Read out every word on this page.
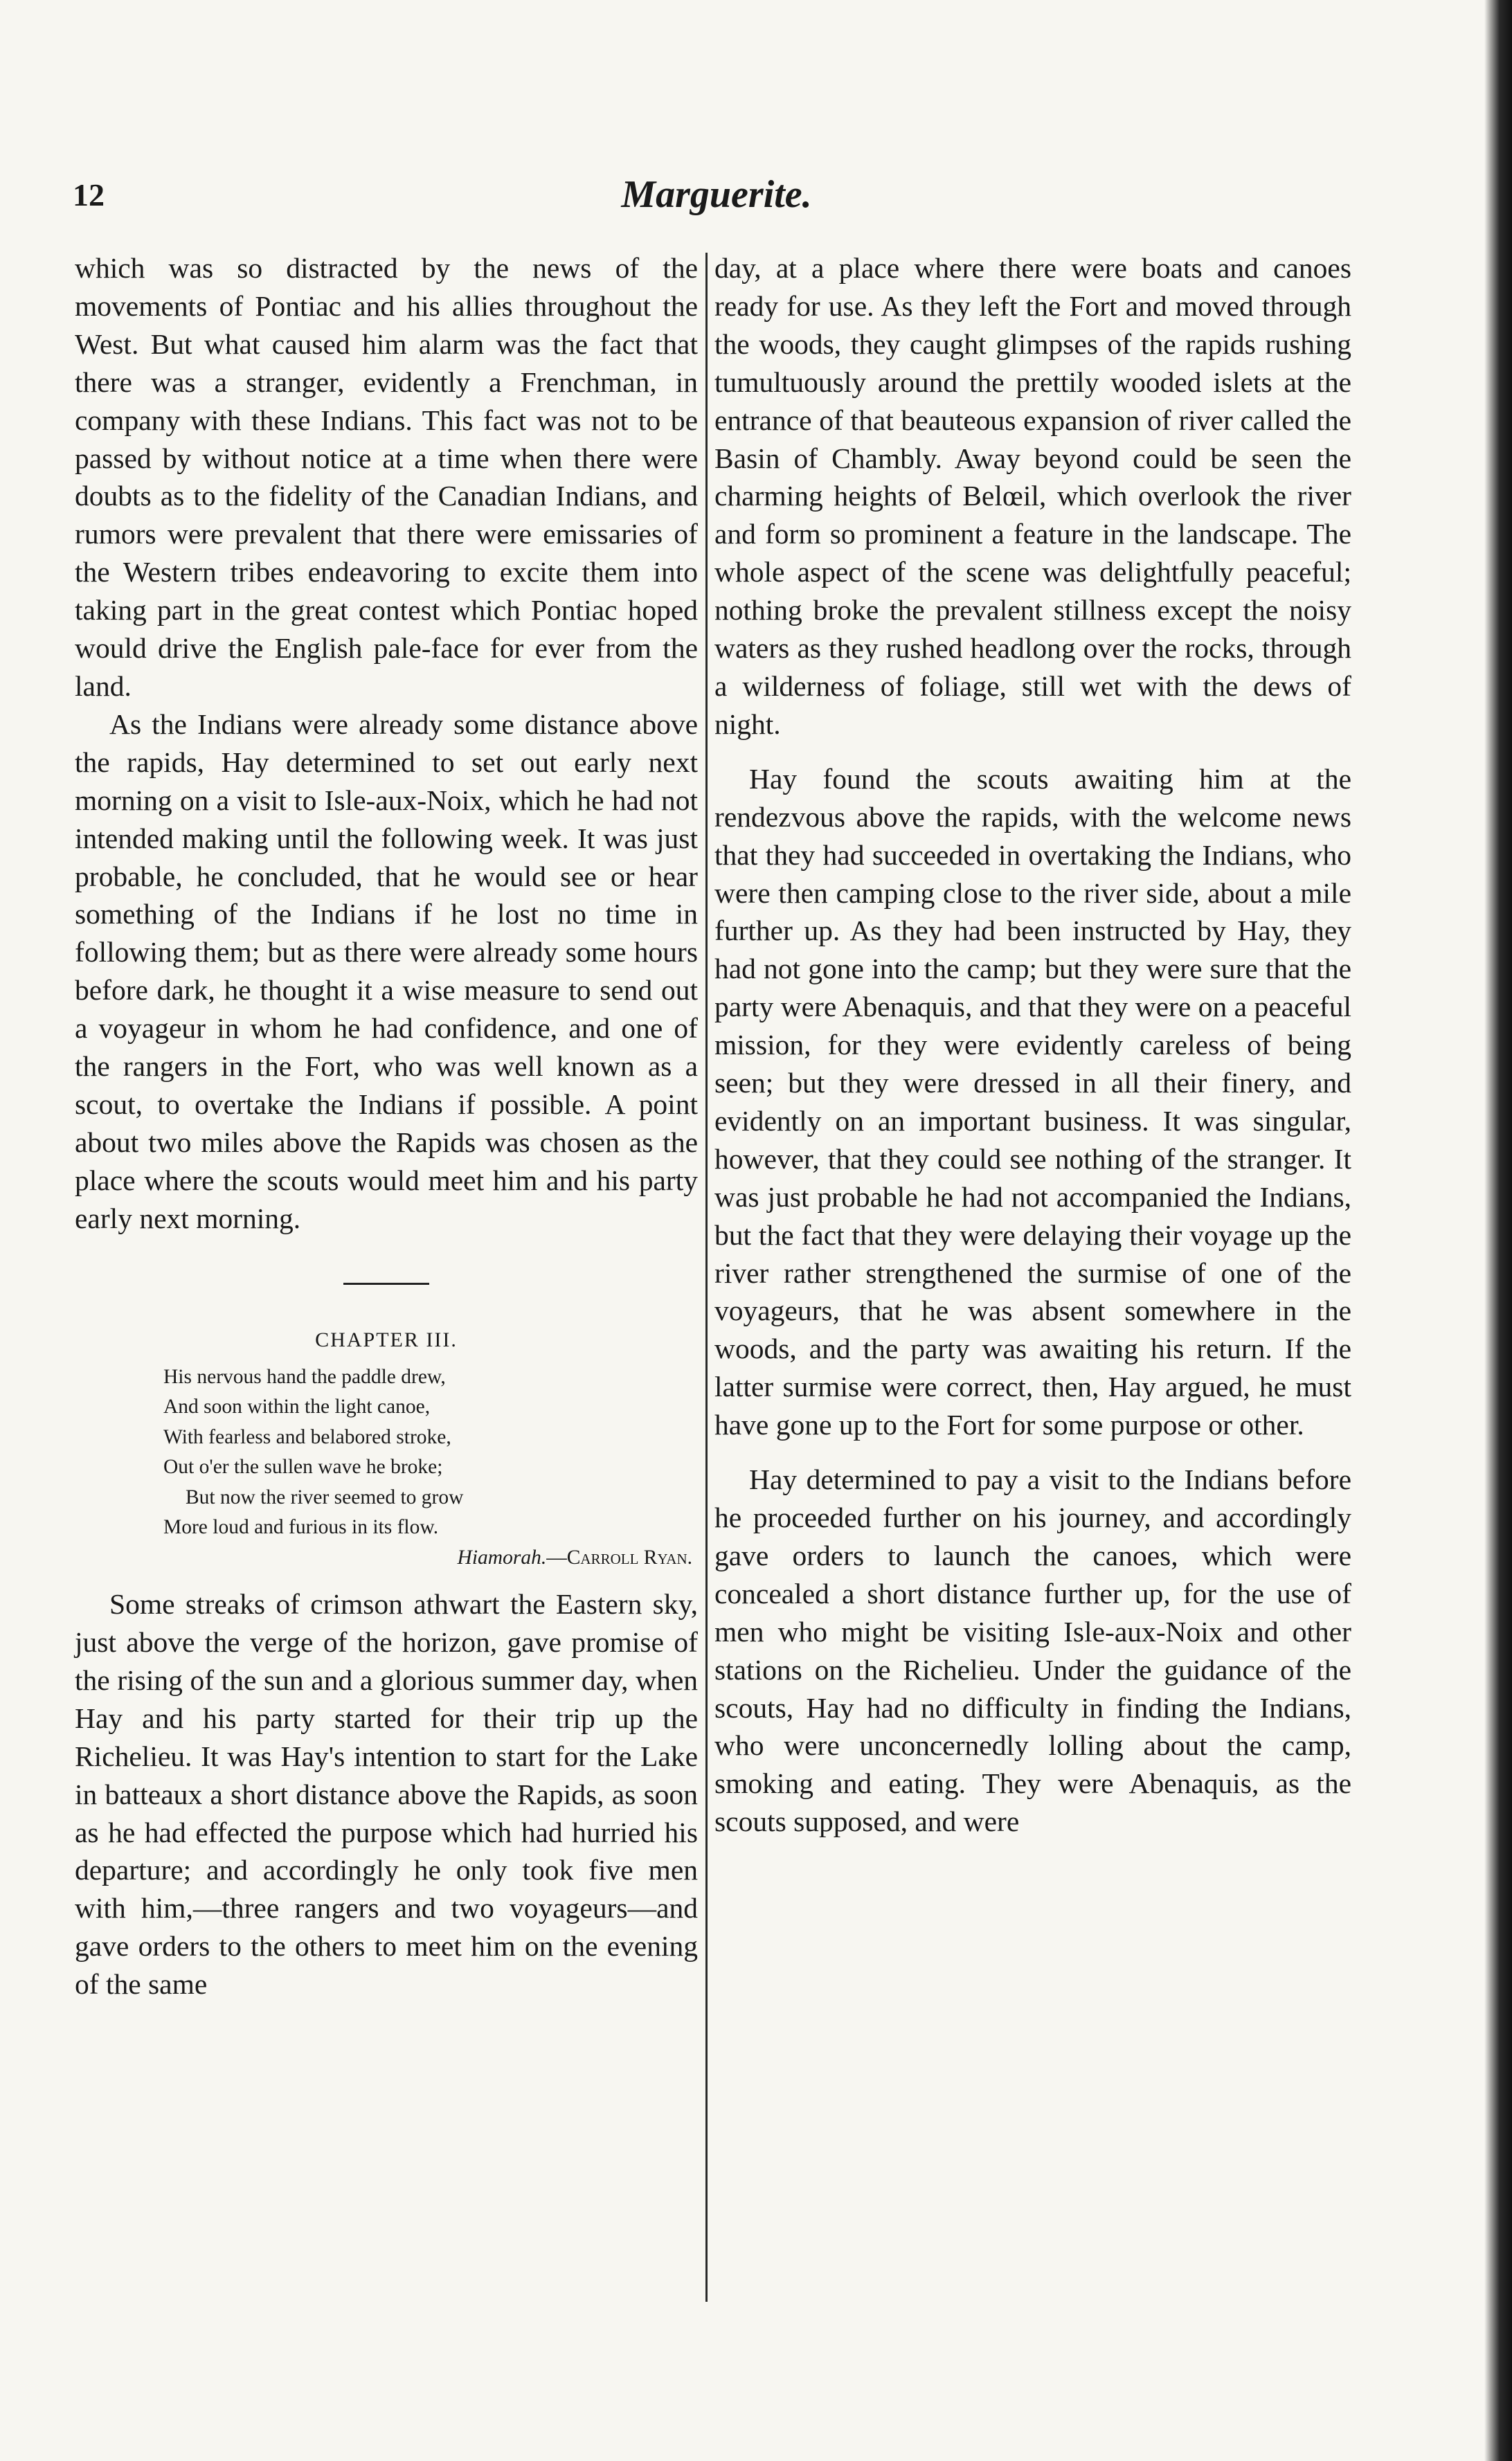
12	Marguerite.

which was so distracted by the news of the movements of Pontiac and his allies throughout the West. But what caused him alarm was the fact that there was a stranger, evidently a Frenchman, in company with these Indians. This fact was not to be passed by without notice at a time when there were doubts as to the fidelity of the Canadian Indians, and rumors were prevalent that there were emissaries of the Western tribes endeavoring to excite them into taking part in the great contest which Pontiac hoped would drive the English pale-face for ever from the land.

As the Indians were already some distance above the rapids, Hay determined to set out early next morning on a visit to Isle-aux-Noix, which he had not intended making until the following week. It was just probable, he concluded, that he would see or hear something of the Indians if he lost no time in following them; but as there were already some hours before dark, he thought it a wise measure to send out a voyageur in whom he had confidence, and one of the rangers in the Fort, who was well known as a scout, to overtake the Indians if possible. A point about two miles above the Rapids was chosen as the place where the scouts would meet him and his party early next morning.

CHAPTER III.
His nervous hand the paddle drew,
And soon within the light canoe,
With fearless and belabored stroke,
Out o'er the sullen wave he broke;
But now the river seemed to grow
More loud and furious in its flow.
Hiamorah.—Carroll Ryan.

Some streaks of crimson athwart the Eastern sky, just above the verge of the horizon, gave promise of the rising of the sun and a glorious summer day, when Hay and his party started for their trip up the Richelieu. It was Hay's intention to start for the Lake in batteaux a short distance above the Rapids, as soon as he had effected the purpose which had hurried his departure; and accordingly he only took five men with him,—three rangers and two voyageurs—and gave orders to the others to meet him on the evening of the same

day, at a place where there were boats and canoes ready for use. As they left the Fort and moved through the woods, they caught glimpses of the rapids rushing tumultuously around the prettily wooded islets at the entrance of that beauteous expansion of river called the Basin of Chambly. Away beyond could be seen the charming heights of Belœil, which overlook the river and form so prominent a feature in the landscape. The whole aspect of the scene was delightfully peaceful; nothing broke the prevalent stillness except the noisy waters as they rushed headlong over the rocks, through a wilderness of foliage, still wet with the dews of night.

Hay found the scouts awaiting him at the rendezvous above the rapids, with the welcome news that they had succeeded in overtaking the Indians, who were then camping close to the river side, about a mile further up. As they had been instructed by Hay, they had not gone into the camp; but they were sure that the party were Abenaquis, and that they were on a peaceful mission, for they were evidently careless of being seen; but they were dressed in all their finery, and evidently on an important business. It was singular, however, that they could see nothing of the stranger. It was just probable he had not accompanied the Indians, but the fact that they were delaying their voyage up the river rather strengthened the surmise of one of the voyageurs, that he was absent somewhere in the woods, and the party was awaiting his return. If the latter surmise were correct, then, Hay argued, he must have gone up to the Fort for some purpose or other.

Hay determined to pay a visit to the Indians before he proceeded further on his journey, and accordingly gave orders to launch the canoes, which were concealed a short distance further up, for the use of men who might be visiting Isle-aux-Noix and other stations on the Richelieu. Under the guidance of the scouts, Hay had no difficulty in finding the Indians, who were unconcernedly lolling about the camp, smoking and eating. They were Abenaquis, as the scouts supposed, and were
